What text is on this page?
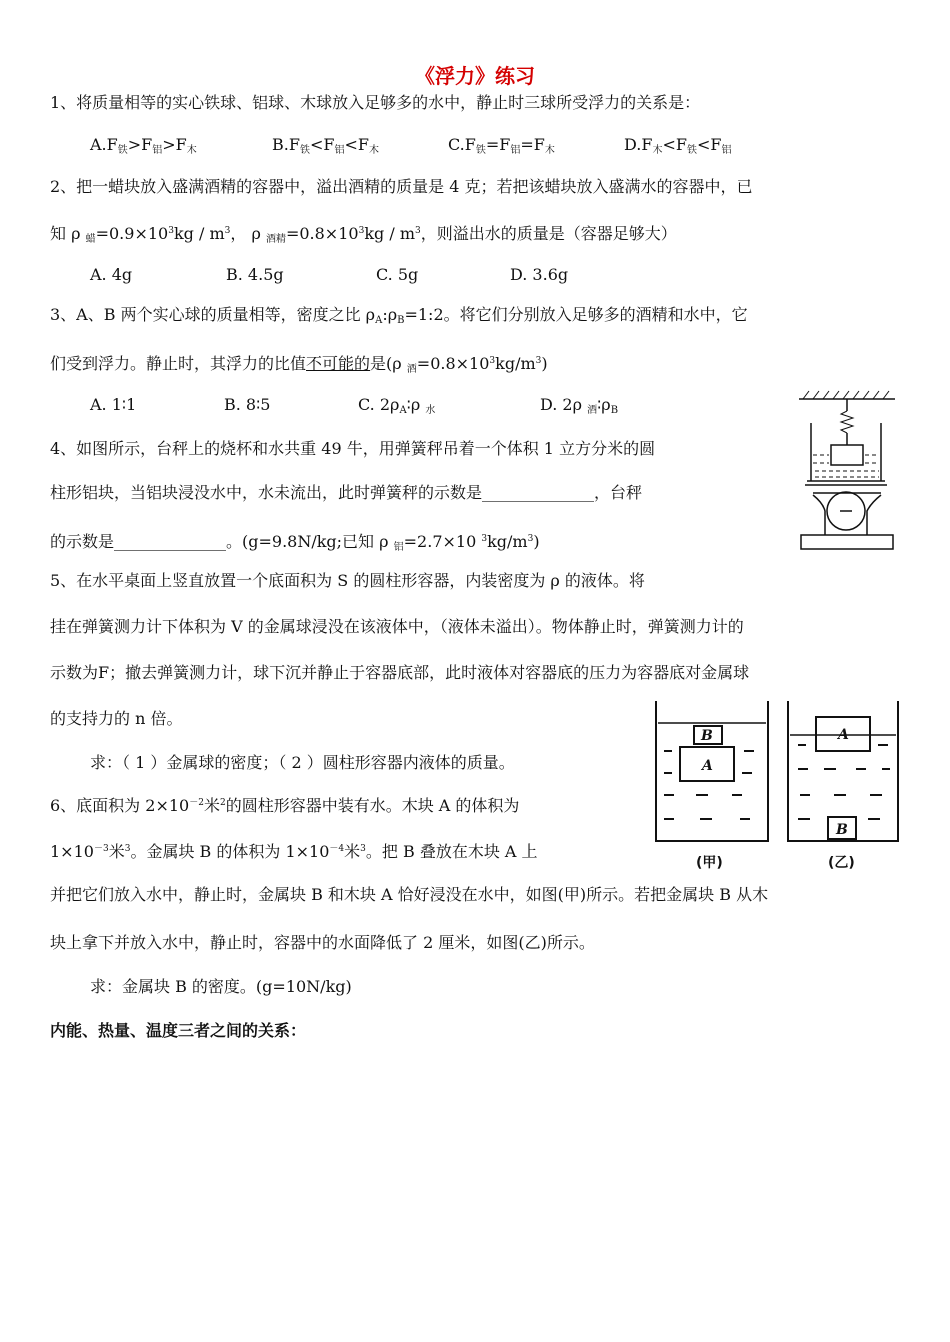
《浮力》练习
1、将质量相等的实心铁球、铝球、木球放入足够多的水中，静止时三球所受浮力的关系是：
$A.F_铁>F_铝>F_木$	$B.F_铁<F_铝<F_木$	$C.F_铁=F_铝=F_木$	$D.F_木<F_铁<F_铝$
2、把一蜡块放入盛满酒精的容器中，溢出酒精的质量是 4 克；若把该蜡块放入盛满水的容器中，已
知 ρ $_蜡=0.9\times 10^3kg / m^3$， ρ $_{酒精}=0.8\times 10^3kg / m^3$，则溢出水的质量是（容器足够大）
A. 4g	B. 4.5g	C. 5g	D. 3.6g
3、A、B 两个实心球的质量相等，密度之比 $\rho_A:\rho_B=1:2$。将它们分别放入足够多的酒精和水中，它
们受到浮力。静止时，其浮力的比值不可能的是(ρ $_酒=0.8\times 10^3kg/m^3$)
A. 1∶1	B. 8∶5	C. $2\rho_A∶\rho$ $_水$	D. 2ρ $_酒∶\rho_B$
4、如图所示，台秤上的烧杯和水共重 49 牛，用弹簧秤吊着一个体积 1 立方分米的圆
柱形铝块，当铝块浸没水中，水未流出，此时弹簧秤的示数是______________，台秤
的示数是______________。(g=9.8N/kg;已知 ρ $_铝$=2.7×10 $^3kg/m^3$)
5、在水平桌面上竖直放置一个底面积为 S 的圆柱形容器，内装密度为 ρ 的液体。将
挂在弹簧测力计下体积为 V 的金属球浸没在该液体中，（液体未溢出）。物体静止时，弹簧测力计的
示数为F；撤去弹簧测力计，球下沉并静止于容器底部，此时液体对容器底的压力为容器底对金属球
的支持力的 n 倍。
求：（ 1 ）金属球的密度；（ 2 ）圆柱形容器内液体的质量。
6、底面积为 $2\times 10^{-2}$米$^2$的圆柱形容器中装有水。木块 A 的体积为
$1\times 10^{-3}$米$^3$。金属块 B 的体积为 $1\times 10^{-4}$米$^3$。把 B 叠放在木块 A 上
并把它们放入水中，静止时，金属块 B 和木块 A 恰好浸没在水中，如图(甲)所示。若把金属块 B 从木
块上拿下并放入水中，静止时，容器中的水面降低了 2 厘米，如图(乙)所示。
求：金属块 B 的密度。(g=10N/kg)
B
A
A
B
(甲)	(乙)
内能、热量、温度三者之间的关系：
